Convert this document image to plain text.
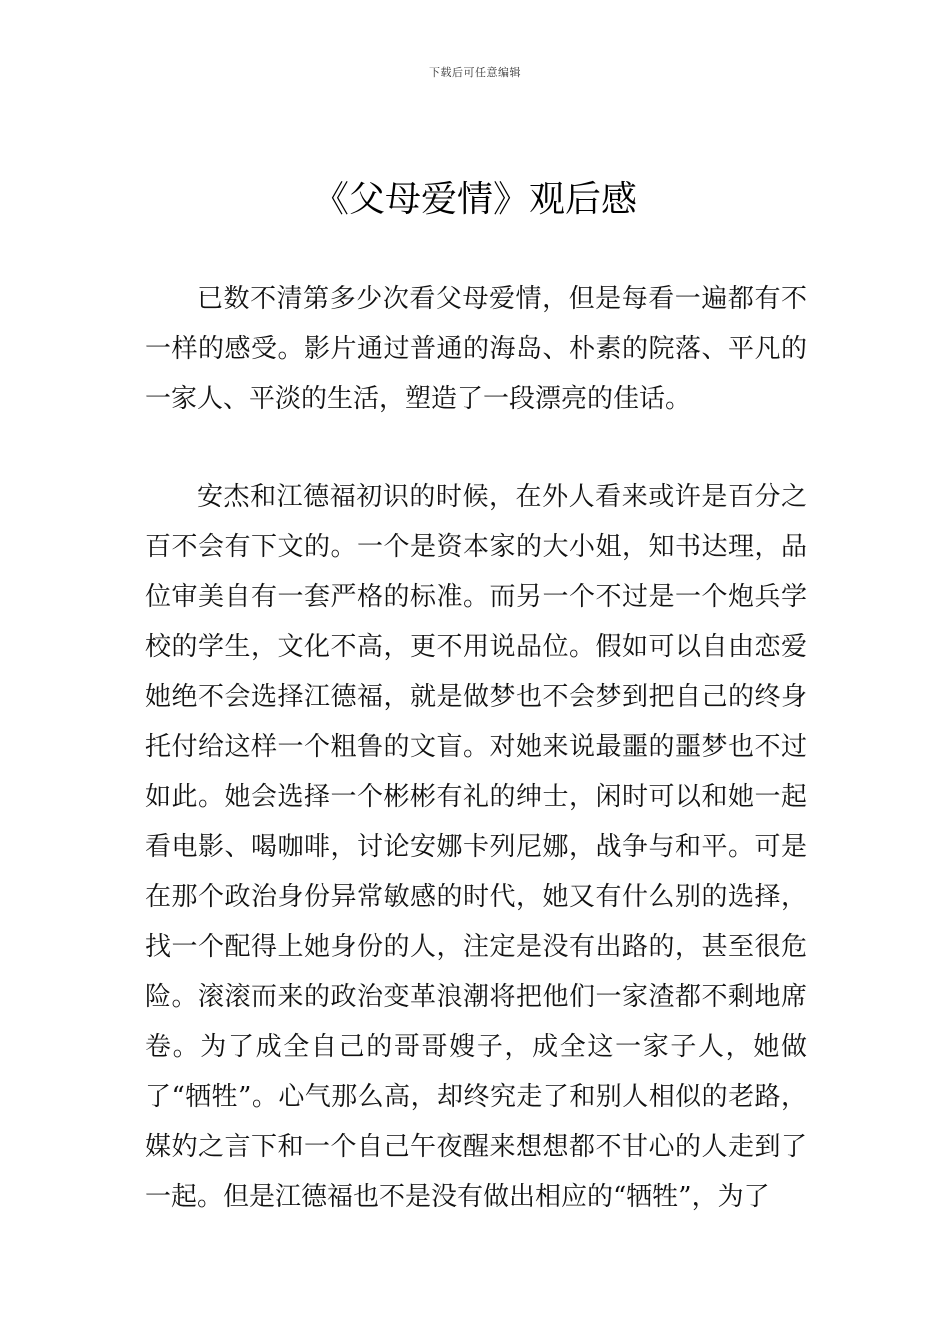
下载后可任意编辑
《父母爱情》观后感

已数不清第多少次看父母爱情，但是每看一遍都有不一样的感受。影片通过普通的海岛、朴素的院落、平凡的一家人、平淡的生活，塑造了一段漂亮的佳话。

安杰和江德福初识的时候，在外人看来或许是百分之百不会有下文的。一个是资本家的大小姐，知书达理，品位审美自有一套严格的标准。而另一个不过是一个炮兵学校的学生，文化不高，更不用说品位。假如可以自由恋爱她绝不会选择江德福，就是做梦也不会梦到把自己的终身托付给这样一个粗鲁的文盲。对她来说最噩的噩梦也不过如此。她会选择一个彬彬有礼的绅士，闲时可以和她一起看电影、喝咖啡，讨论安娜卡列尼娜，战争与和平。可是在那个政治身份异常敏感的时代，她又有什么别的选择，找一个配得上她身份的人，注定是没有出路的，甚至很危险。滚滚而来的政治变革浪潮将把他们一家渣都不剩地席卷。为了成全自己的哥哥嫂子，成全这一家子人，她做了“牺牲”。心气那么高，却终究走了和别人相似的老路，媒妁之言下和一个自己午夜醒来想想都不甘心的人走到了一起。但是江德福也不是没有做出相应的“牺牲”，为了
